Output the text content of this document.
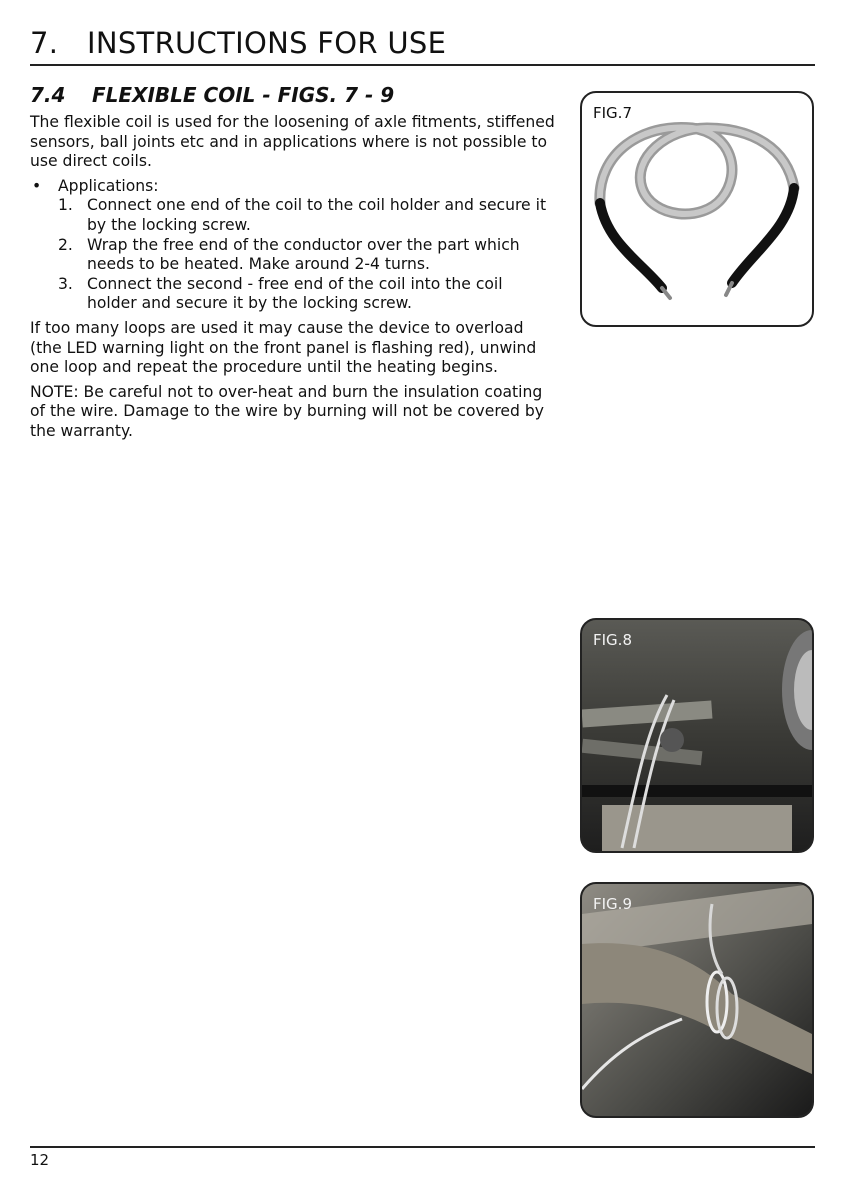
7. INSTRUCTIONS FOR USE
7.4 FLEXIBLE COIL - FIGS. 7 - 9

The flexible coil is used for the loosening of axle fitments, stiffened sensors, ball joints etc and in applications where is not possible to use direct coils.

• Applications:
1. Connect one end of the coil to the coil holder and secure it by the locking screw.
2. Wrap the free end of the conductor over the part which needs to be heated. Make around 2-4 turns.
3. Connect the second - free end of the coil into the coil holder and secure it by the locking screw.

If too many loops are used it may cause the device to overload (the LED warning light on the front panel is flashing red), unwind one loop and repeat the procedure until the heating begins.

NOTE: Be careful not to over-heat and burn the insulation coating of the wire. Damage to the wire by burning will not be covered by the warranty.

FIG.7
FIG.8
FIG.9
12
